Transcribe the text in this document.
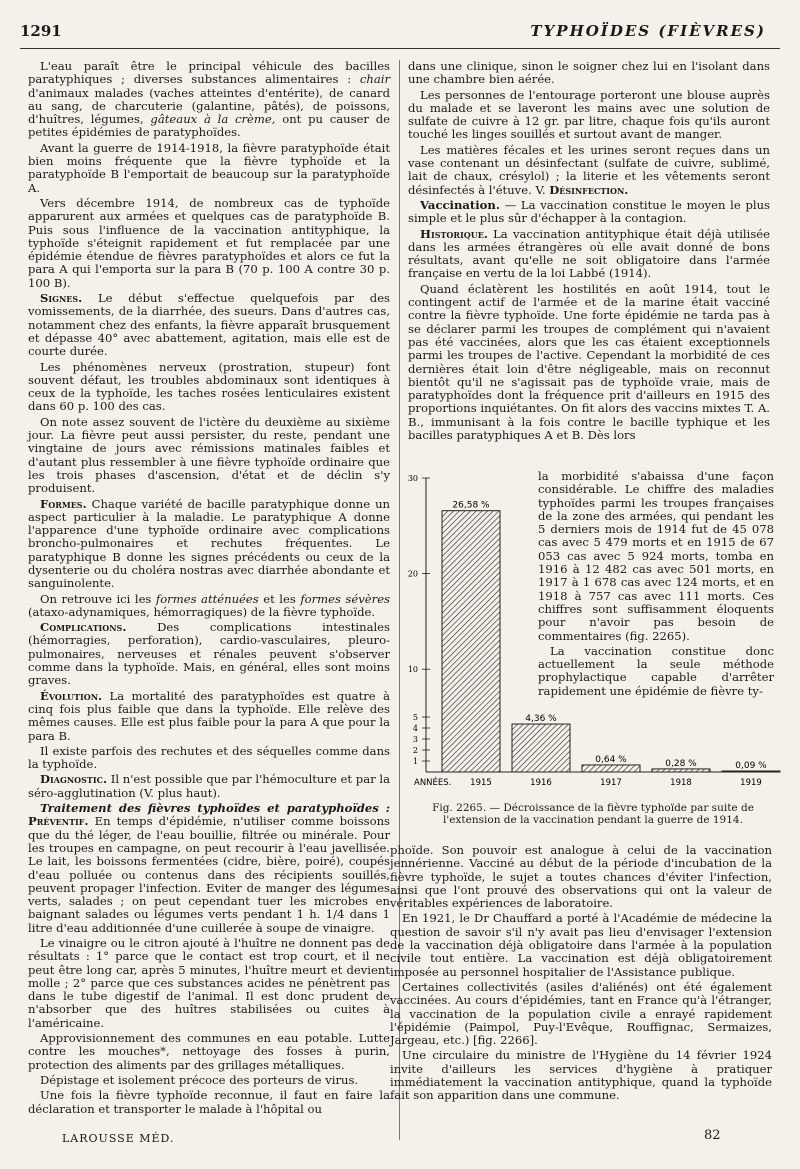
1291	TYPHOÏDES (FIÈVRES)

L'eau paraît être le principal véhicule des bacilles paratyphiques ; diverses substances alimentaires : chair d'animaux malades (vaches atteintes d'entérite), de canard au sang, de charcuterie (galantine, pâtés), de poissons, d'huîtres, légumes, gâteaux à la crème, ont pu causer de petites épidémies de paratyphoïdes.

Avant la guerre de 1914-1918, la fièvre paratyphoïde était bien moins fréquente que la fièvre typhoïde et la paratyphoïde B l'emportait de beaucoup sur la paratyphoïde A.

Vers décembre 1914, de nombreux cas de typhoïde apparurent aux armées et quelques cas de paratyphoïde B. Puis sous l'influence de la vaccination antityphique, la typhoïde s'éteignit rapidement et fut remplacée par une épidémie étendue de fièvres paratyphoïdes et alors ce fut la para A qui l'emporta sur la para B (70 p. 100 A contre 30 p. 100 B).

Signes. Le début s'effectue quelquefois par des vomissements, de la diarrhée, des sueurs. Dans d'autres cas, notamment chez des enfants, la fièvre apparaît brusquement et dépasse 40° avec abattement, agitation, mais elle est de courte durée.

Les phénomènes nerveux (prostration, stupeur) font souvent défaut, les troubles abdominaux sont identiques à ceux de la typhoïde, les taches rosées lenticulaires existent dans 60 p. 100 des cas.

On note assez souvent de l'ictère du deuxième au sixième jour. La fièvre peut aussi persister, du reste, pendant une vingtaine de jours avec rémissions matinales faibles et d'autant plus ressembler à une fièvre typhoïde ordinaire que les trois phases d'ascension, d'état et de déclin s'y produisent.

Formes. Chaque variété de bacille paratyphique donne un aspect particulier à la maladie. Le paratyphique A donne l'apparence d'une typhoïde ordinaire avec complications broncho-pulmonaires et rechutes fréquentes. Le paratyphique B donne les signes précédents ou ceux de la dysenterie ou du choléra nostras avec diarrhée abondante et sanguinolente.

On retrouve ici les formes atténuées et les formes sévères (ataxo-adynamiques, hémorragiques) de la fièvre typhoïde.

Complications.	Des complications intestinales (hémorragies, perforation), cardio-vasculaires, pleuro-pulmonaires, nerveuses et rénales peuvent s'observer comme dans la typhoïde. Mais, en général, elles sont moins graves.

Évolution. La mortalité des paratyphoïdes est quatre à cinq fois plus faible que dans la typhoïde. Elle relève des mêmes causes. Elle est plus faible pour la para A que pour la para B.

Il existe parfois des rechutes et des séquelles comme dans la typhoïde.

Diagnostic. Il n'est possible que par l'hémoculture et par la séro-agglutination (V. plus haut).

Traitement des fièvres typhoïdes et paratyphoïdes : Préventif. En temps d'épidémie, n'utiliser comme boissons que du thé léger, de l'eau bouillie, filtrée ou minérale. Pour les troupes en campagne, on peut recourir à l'eau javellisée. Le lait, les boissons fermentées (cidre, bière, poiré), coupés d'eau polluée ou contenus dans des récipients souillés, peuvent propager l'infection. Eviter de manger des légumes verts, salades ; on peut cependant tuer les microbes en baignant salades ou légumes verts pendant 1 h. 1/4 dans 1 litre d'eau additionnée d'une cuillerée à soupe de vinaigre.

Le vinaigre ou le citron ajouté à l'huître ne donnent pas de résultats : 1° parce que le contact est trop court, et il ne peut être long car, après 5 minutes, l'huître meurt et devient molle ; 2° parce que ces substances acides ne pénètrent pas dans le tube digestif de l'animal. Il est donc prudent de n'absorber que des huîtres stabilisées ou cuites à l'américaine.

Approvisionnement des communes en eau potable. Lutte contre les mouches*, nettoyage des fosses à purin, protection des aliments par des grillages métalliques.

Dépistage et isolement précoce des porteurs de virus.

Une fois la fièvre typhoïde reconnue, il faut en faire la déclaration et transporter le malade à l'hôpital ou

dans une clinique, sinon le soigner chez lui en l'isolant dans une chambre bien aérée.

Les personnes de l'entourage porteront une blouse auprès du malade et se laveront les mains avec une solution de sulfate de cuivre à 12 gr. par litre, chaque fois qu'ils auront touché les linges souillés et surtout avant de manger.

Les matières fécales et les urines seront reçues dans un vase contenant un désinfectant (sulfate de cuivre, sublimé, lait de chaux, crésylol) ; la literie et les vêtements seront désinfectés à l'étuve. V. Désinfection.

Vaccination. — La vaccination constitue le moyen le plus simple et le plus sûr d'échapper à la contagion.

Historique. La vaccination antityphique était déjà utilisée dans les armées étrangères où elle avait donné de bons résultats, avant qu'elle ne soit obligatoire dans l'armée française en vertu de la loi Labbé (1914).

Quand éclatèrent les hostilités en août 1914, tout le contingent actif de l'armée et de la marine était vacciné contre la fièvre typhoïde. Une forte épidémie ne tarda pas à se déclarer parmi les troupes de complément qui n'avaient pas été vaccinées, alors que les cas étaient exceptionnels parmi les troupes de l'active. Cependant la morbidité de ces dernières était loin d'être négligeable, mais on reconnut bientôt qu'il ne s'agissait pas de typhoïde vraie, mais de paratyphoïdes dont la fréquence prit d'ailleurs en 1915 des proportions inquiétantes. On fit alors des vaccins mixtes T. A. B., immunisant à la fois contre le bacille typhique et les bacilles paratyphiques A et B. Dès lors

1
2
3
4
5
10
20
30
26,58 %
1915
4,36 %
1916
0,64 %
1917
0,28 %
1918
0,09 %
1919
ANNÉES.

la morbidité s'abaissa d'une façon considérable. Le chiffre des maladies typhoïdes parmi les troupes françaises de la zone des armées, qui pendant les 5 derniers mois de 1914 fut de 45 078 cas avec 5 479 morts et en 1915 de 67 053 cas avec 5 924 morts, tomba en 1916 à 12 482 cas avec 501 morts, en 1917 à 1 678 cas avec 124 morts, et en 1918 à 757 cas avec 111 morts. Ces chiffres sont suffisamment éloquents pour n'avoir pas besoin de commentaires (fig. 2265).

La vaccination constitue donc actuellement la seule méthode prophylactique capable d'arrêter rapidement une épidémie de fièvre ty-

Fig. 2265. — Décroissance de la fièvre typhoïde par suite de l'extension de la vaccination pendant la guerre de 1914.

phoïde. Son pouvoir est analogue à celui de la vaccination jennérienne. Vacciné au début de la période d'incubation de la fièvre typhoïde, le sujet a toutes chances d'éviter l'infection, ainsi que l'ont prouvé des observations qui ont la valeur de véritables expériences de laboratoire.

En 1921, le Dr Chauffard a porté à l'Académie de médecine la question de savoir s'il n'y avait pas lieu d'envisager l'extension de la vaccination déjà obligatoire dans l'armée à la population civile tout entière. La vaccination est déjà obligatoirement imposée au personnel hospitalier de l'Assistance publique.

Certaines collectivités (asiles d'aliénés) ont été également vaccinées. Au cours d'épidémies, tant en France qu'à l'étranger, la vaccination de la population civile a enrayé rapidement l'épidémie (Paimpol, Puy-l'Evêque, Rouffignac, Sermaizes, Jargeau, etc.) [fig. 2266].

Une circulaire du ministre de l'Hygiène du 14 février 1924 invite d'ailleurs les services d'hygiène à pratiquer immédiatement la vaccination antityphique, quand la typhoïde fait son apparition dans une commune.

LAROUSSE MÉD.	82
